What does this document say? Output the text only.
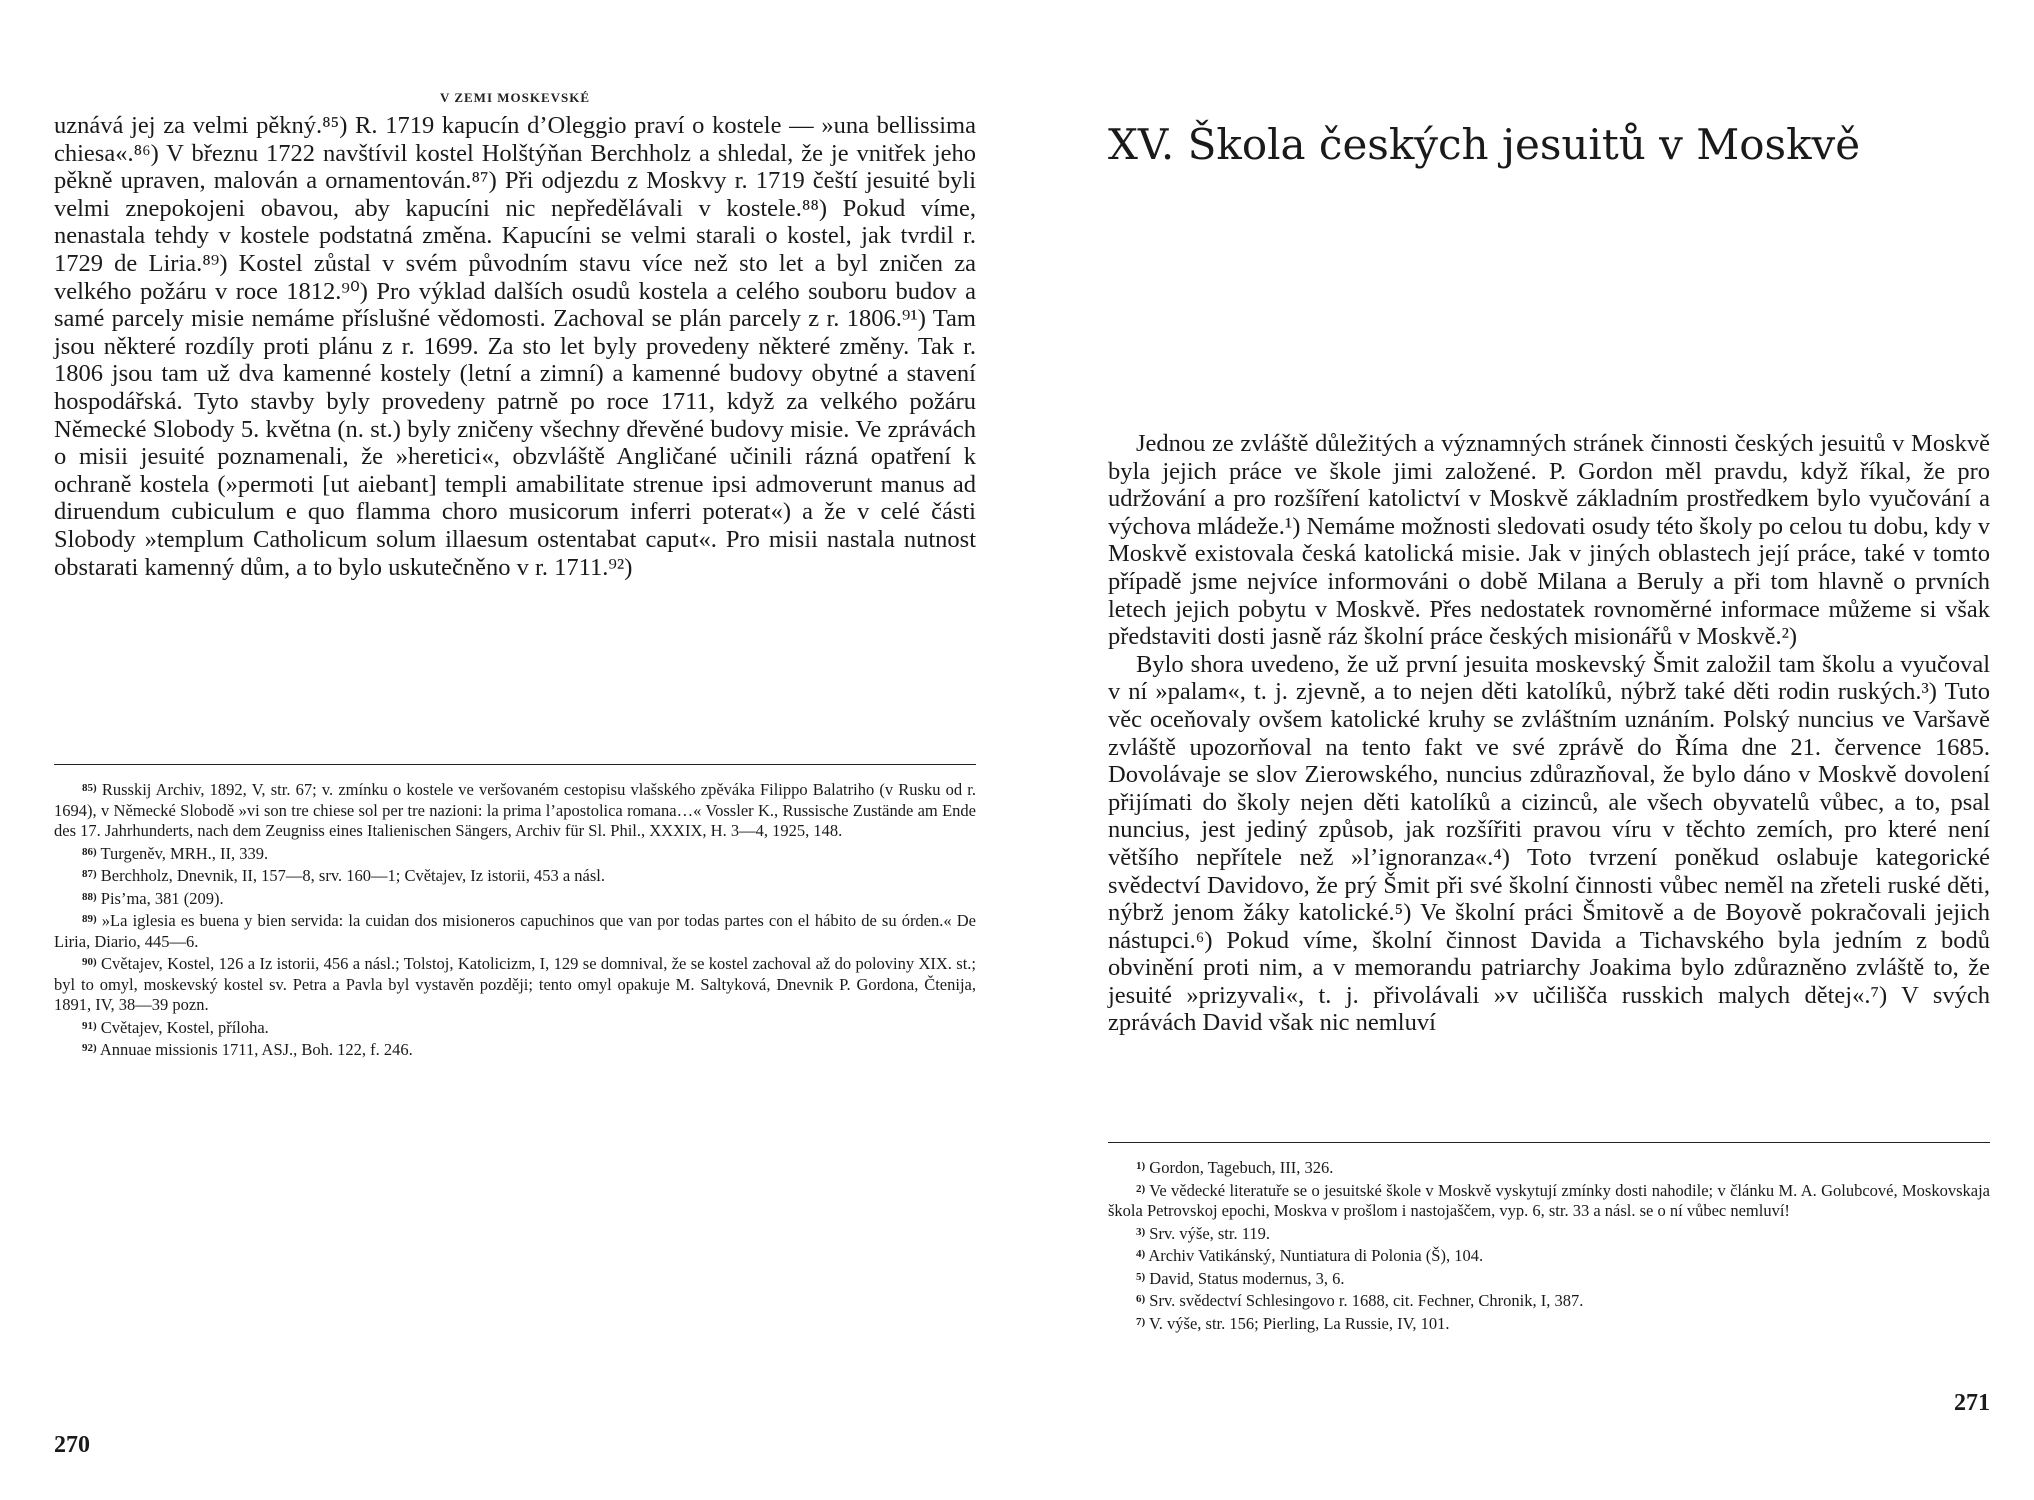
V ZEMI MOSKEVSKÉ

uznává jej za velmi pěkný.⁸⁵) R. 1719 kapucín d’Oleggio praví o kostele — »una bellissima chiesa«.⁸⁶) V březnu 1722 navštívil kostel Holštýňan Berchholz a shledal, že je vnitřek jeho pěkně upraven, malován a ornamentován.⁸⁷) Při odjezdu z Moskvy r. 1719 čeští jesuité byli velmi znepokojeni obavou, aby kapucíni nic nepředělávali v kostele.⁸⁸) Pokud víme, nenastala tehdy v kostele podstatná změna. Kapucíni se velmi starali o kostel, jak tvrdil r. 1729 de Liria.⁸⁹) Kostel zůstal v svém původním stavu více než sto let a byl zničen za velkého požáru v roce 1812.⁹⁰) Pro výklad dalších osudů kostela a celého souboru budov a samé parcely misie nemáme příslušné vědomosti. Zachoval se plán parcely z r. 1806.⁹¹) Tam jsou některé rozdíly proti plánu z r. 1699. Za sto let byly provedeny některé změny. Tak r. 1806 jsou tam už dva kamenné kostely (letní a zimní) a kamenné budovy obytné a stavení hospodářská. Tyto stavby byly provedeny patrně po roce 1711, když za velkého požáru Německé Slobody 5. května (n. st.) byly zničeny všechny dřevěné budovy misie. Ve zprávách o misii jesuité poznamenali, že »heretici«, obzvláště Angličané učinili rázná opatření k ochraně kostela (»permoti [ut aiebant] templi amabilitate strenue ipsi admoverunt manus ad diruendum cubiculum e quo flamma choro musicorum inferri poterat«) a že v celé části Slobody »templum Catholicum solum illaesum ostentabat caput«. Pro misii nastala nutnost obstarati kamenný dům, a to bylo uskutečněno v r. 1711.⁹²)

$^{85)}$ Russkij Archiv, 1892, V, str. 67; v. zmínku o kostele ve veršovaném cestopisu vlašského zpěváka Filippo Balatriho (v Rusku od r. 1694), v Německé Slobodě »vi son tre chiese sol per tre nazioni: la prima l’apostolica romana…« Vossler K., Russische Zustände am Ende des 17. Jahrhunderts, nach dem Zeugniss eines Italienischen Sängers, Archiv für Sl. Phil., XXXIX, H. 3—4, 1925, 148.

$^{86)}$ Turgeněv, MRH., II, 339.

$^{87)}$ Berchholz, Dnevnik, II, 157—8, srv. 160—1; Cvětajev, Iz istorii, 453 a násl.

$^{88)}$ Pis’ma, 381 (209).

$^{89)}$ »La iglesia es buena y bien servida: la cuidan dos misioneros capuchinos que van por todas partes con el hábito de su órden.« De Liria, Diario, 445—6.

$^{90)}$ Cvětajev, Kostel, 126 a Iz istorii, 456 a násl.; Tolstoj, Katolicizm, I, 129 se domnival, že se kostel zachoval až do poloviny XIX. st.; byl to omyl, moskevský kostel sv. Petra a Pavla byl vystavěn později; tento omyl opakuje M. Saltyková, Dnevnik P. Gordona, Čtenija, 1891, IV, 38—39 pozn.

$^{91)}$ Cvětajev, Kostel, příloha.

$^{92)}$ Annuae missionis 1711, ASJ., Boh. 122, f. 246.

270
XV. Škola českých jesuitů v Moskvě

Jednou ze zvláště důležitých a významných stránek činnosti českých jesuitů v Moskvě byla jejich práce ve škole jimi založené. P. Gordon měl pravdu, když říkal, že pro udržování a pro rozšíření katolictví v Moskvě základním prostředkem bylo vyučování a výchova mládeže.¹) Nemáme možnosti sledovati osudy této školy po celou tu dobu, kdy v Moskvě existovala česká katolická misie. Jak v jiných oblastech její práce, také v tomto případě jsme nejvíce informováni o době Milana a Beruly a při tom hlavně o prvních letech jejich pobytu v Moskvě. Přes nedostatek rovnoměrné informace můžeme si však představiti dosti jasně ráz školní práce českých misionářů v Moskvě.²)

Bylo shora uvedeno, že už první jesuita moskevský Šmit založil tam školu a vyučoval v ní »palam«, t. j. zjevně, a to nejen děti katolíků, nýbrž také děti rodin ruských.³) Tuto věc oceňovaly ovšem katolické kruhy se zvláštním uznáním. Polský nuncius ve Varšavě zvláště upozorňoval na tento fakt ve své zprávě do Říma dne 21. července 1685. Dovolávaje se slov Zierowského, nuncius zdůrazňoval, že bylo dáno v Moskvě dovolení přijímati do školy nejen děti katolíků a cizinců, ale všech obyvatelů vůbec, a to, psal nuncius, jest jediný způsob, jak rozšířiti pravou víru v těchto zemích, pro které není většího nepřítele než »l’ignoranza«.⁴) Toto tvrzení poněkud oslabuje kategorické svědectví Davidovo, že prý Šmit při své školní činnosti vůbec neměl na zřeteli ruské děti, nýbrž jenom žáky katolické.⁵) Ve školní práci Šmitově a de Boyově pokračovali jejich nástupci.⁶) Pokud víme, školní činnost Davida a Tichavského byla jedním z bodů obvinění proti nim, a v memorandu patriarchy Joakima bylo zdůrazněno zvláště to, že jesuité »prizyvali«, t. j. přivolávali »v učilišča russkich malych dětej«.⁷) V svých zprávách David však nic nemluví

$^{1)}$ Gordon, Tagebuch, III, 326.

$^{2)}$ Ve vědecké literatuře se o jesuitské škole v Moskvě vyskytují zmínky dosti nahodile; v článku M. A. Golubcové, Moskovskaja škola Petrovskoj epochi, Moskva v prošlom i nastojaščem, vyp. 6, str. 33 a násl. se o ní vůbec nemluví!

$^{3)}$ Srv. výše, str. 119.

$^{4)}$ Archiv Vatikánský, Nuntiatura di Polonia (Š), 104.

$^{5)}$ David, Status modernus, 3, 6.

$^{6)}$ Srv. svědectví Schlesingovo r. 1688, cit. Fechner, Chronik, I, 387.

$^{7)}$ V. výše, str. 156; Pierling, La Russie, IV, 101.

271
